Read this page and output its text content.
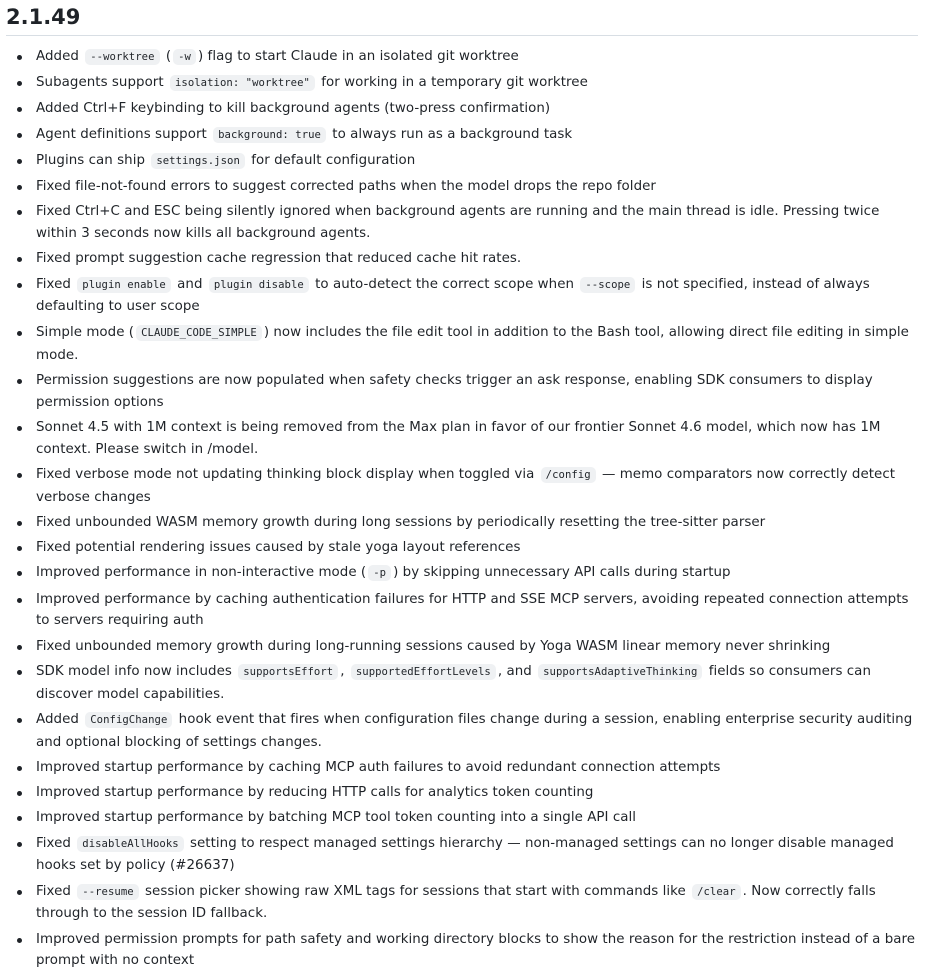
2.1.49
Added --worktree ( -w ) flag to start Claude in an isolated git worktree
Subagents support isolation: "worktree" for working in a temporary git worktree
Added Ctrl+F keybinding to kill background agents (two-press confirmation)
Agent definitions support background: true to always run as a background task
Plugins can ship settings.json for default configuration
Fixed file-not-found errors to suggest corrected paths when the model drops the repo folder
Fixed Ctrl+C and ESC being silently ignored when background agents are running and the main thread is idle. Pressing twice within 3 seconds now kills all background agents.
Fixed prompt suggestion cache regression that reduced cache hit rates.
Fixed plugin enable and plugin disable to auto-detect the correct scope when --scope is not specified, instead of always defaulting to user scope
Simple mode ( CLAUDE_CODE_SIMPLE ) now includes the file edit tool in addition to the Bash tool, allowing direct file editing in simple mode.
Permission suggestions are now populated when safety checks trigger an ask response, enabling SDK consumers to display permission options
Sonnet 4.5 with 1M context is being removed from the Max plan in favor of our frontier Sonnet 4.6 model, which now has 1M context. Please switch in /model.
Fixed verbose mode not updating thinking block display when toggled via /config — memo comparators now correctly detect verbose changes
Fixed unbounded WASM memory growth during long sessions by periodically resetting the tree-sitter parser
Fixed potential rendering issues caused by stale yoga layout references
Improved performance in non-interactive mode ( -p ) by skipping unnecessary API calls during startup
Improved performance by caching authentication failures for HTTP and SSE MCP servers, avoiding repeated connection attempts to servers requiring auth
Fixed unbounded memory growth during long-running sessions caused by Yoga WASM linear memory never shrinking
SDK model info now includes supportsEffort , supportedEffortLevels , and supportsAdaptiveThinking fields so consumers can discover model capabilities.
Added ConfigChange hook event that fires when configuration files change during a session, enabling enterprise security auditing and optional blocking of settings changes.
Improved startup performance by caching MCP auth failures to avoid redundant connection attempts
Improved startup performance by reducing HTTP calls for analytics token counting
Improved startup performance by batching MCP tool token counting into a single API call
Fixed disableAllHooks setting to respect managed settings hierarchy — non-managed settings can no longer disable managed hooks set by policy (#26637)
Fixed --resume session picker showing raw XML tags for sessions that start with commands like /clear . Now correctly falls through to the session ID fallback.
Improved permission prompts for path safety and working directory blocks to show the reason for the restriction instead of a bare prompt with no context
